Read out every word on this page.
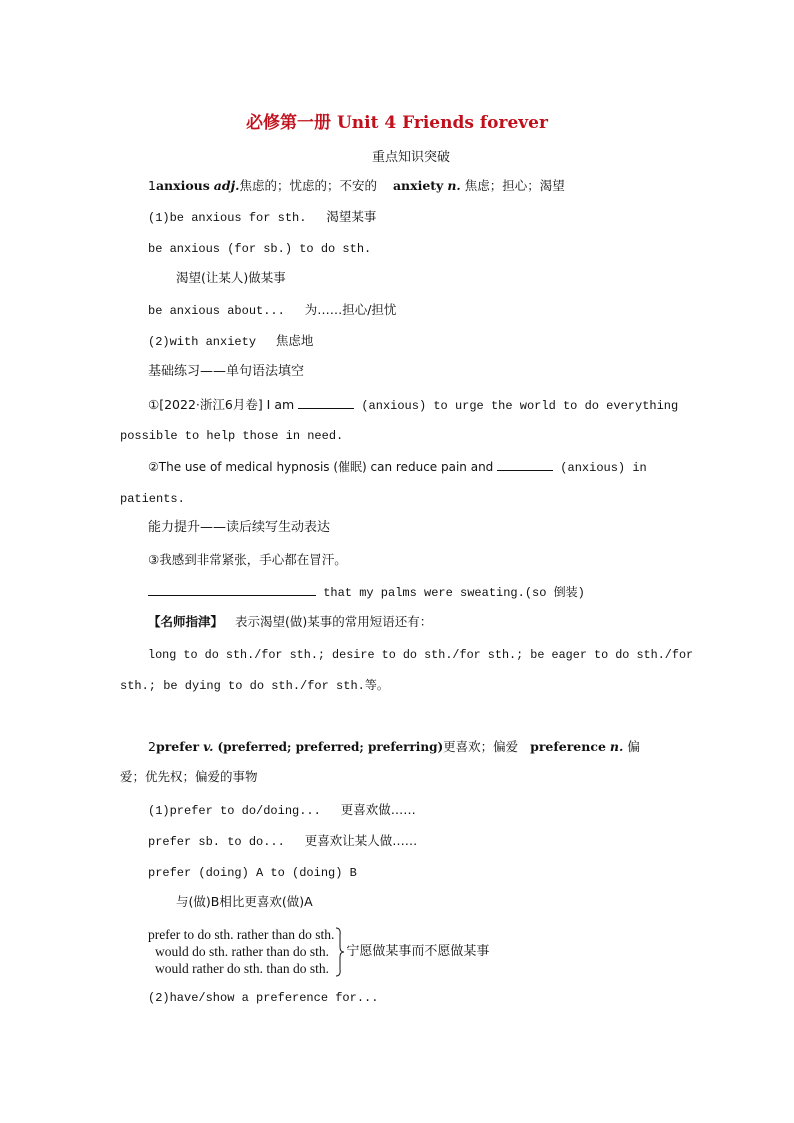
必修第一册 Unit 4 Friends forever
重点知识突破
1anxious adj.焦虑的；忧虑的；不安的 anxiety n. 焦虑；担心；渴望
(1)be anxious for sth. 渴望某事
be anxious (for sb.) to do sth.
渴望(让某人)做某事
be anxious about... 为……担心/担忧
(2)with anxiety 焦虑地
基础练习——单句语法填空
①[2022·浙江6月卷] I am	(anxious) to urge the world to do everything
possible to help those in need.
②The use of medical hypnosis (催眠) can reduce pain and	(anxious) in
patients.
能力提升——读后续写生动表达
③我感到非常紧张，手心都在冒汗。
that my palms were sweating.(so 倒装)
【名师指津】 表示渴望(做)某事的常用短语还有：
long to do sth./for sth.; desire to do sth./for sth.; be eager to do sth./for
sth.; be dying to do sth./for sth.等。
2prefer v. (preferred; preferred; preferring)更喜欢；偏爱 preference n. 偏
爱；优先权；偏爱的事物
(1)prefer to do/doing... 更喜欢做……
prefer sb. to do... 更喜欢让某人做……
prefer (doing) A to (doing) B
与(做)B相比更喜欢(做)A
prefer to do sth. rather than do sth.
would do sth. rather than do sth.
would rather do sth. than do sth.
宁愿做某事而不愿做某事
(2)have/show a preference for...
